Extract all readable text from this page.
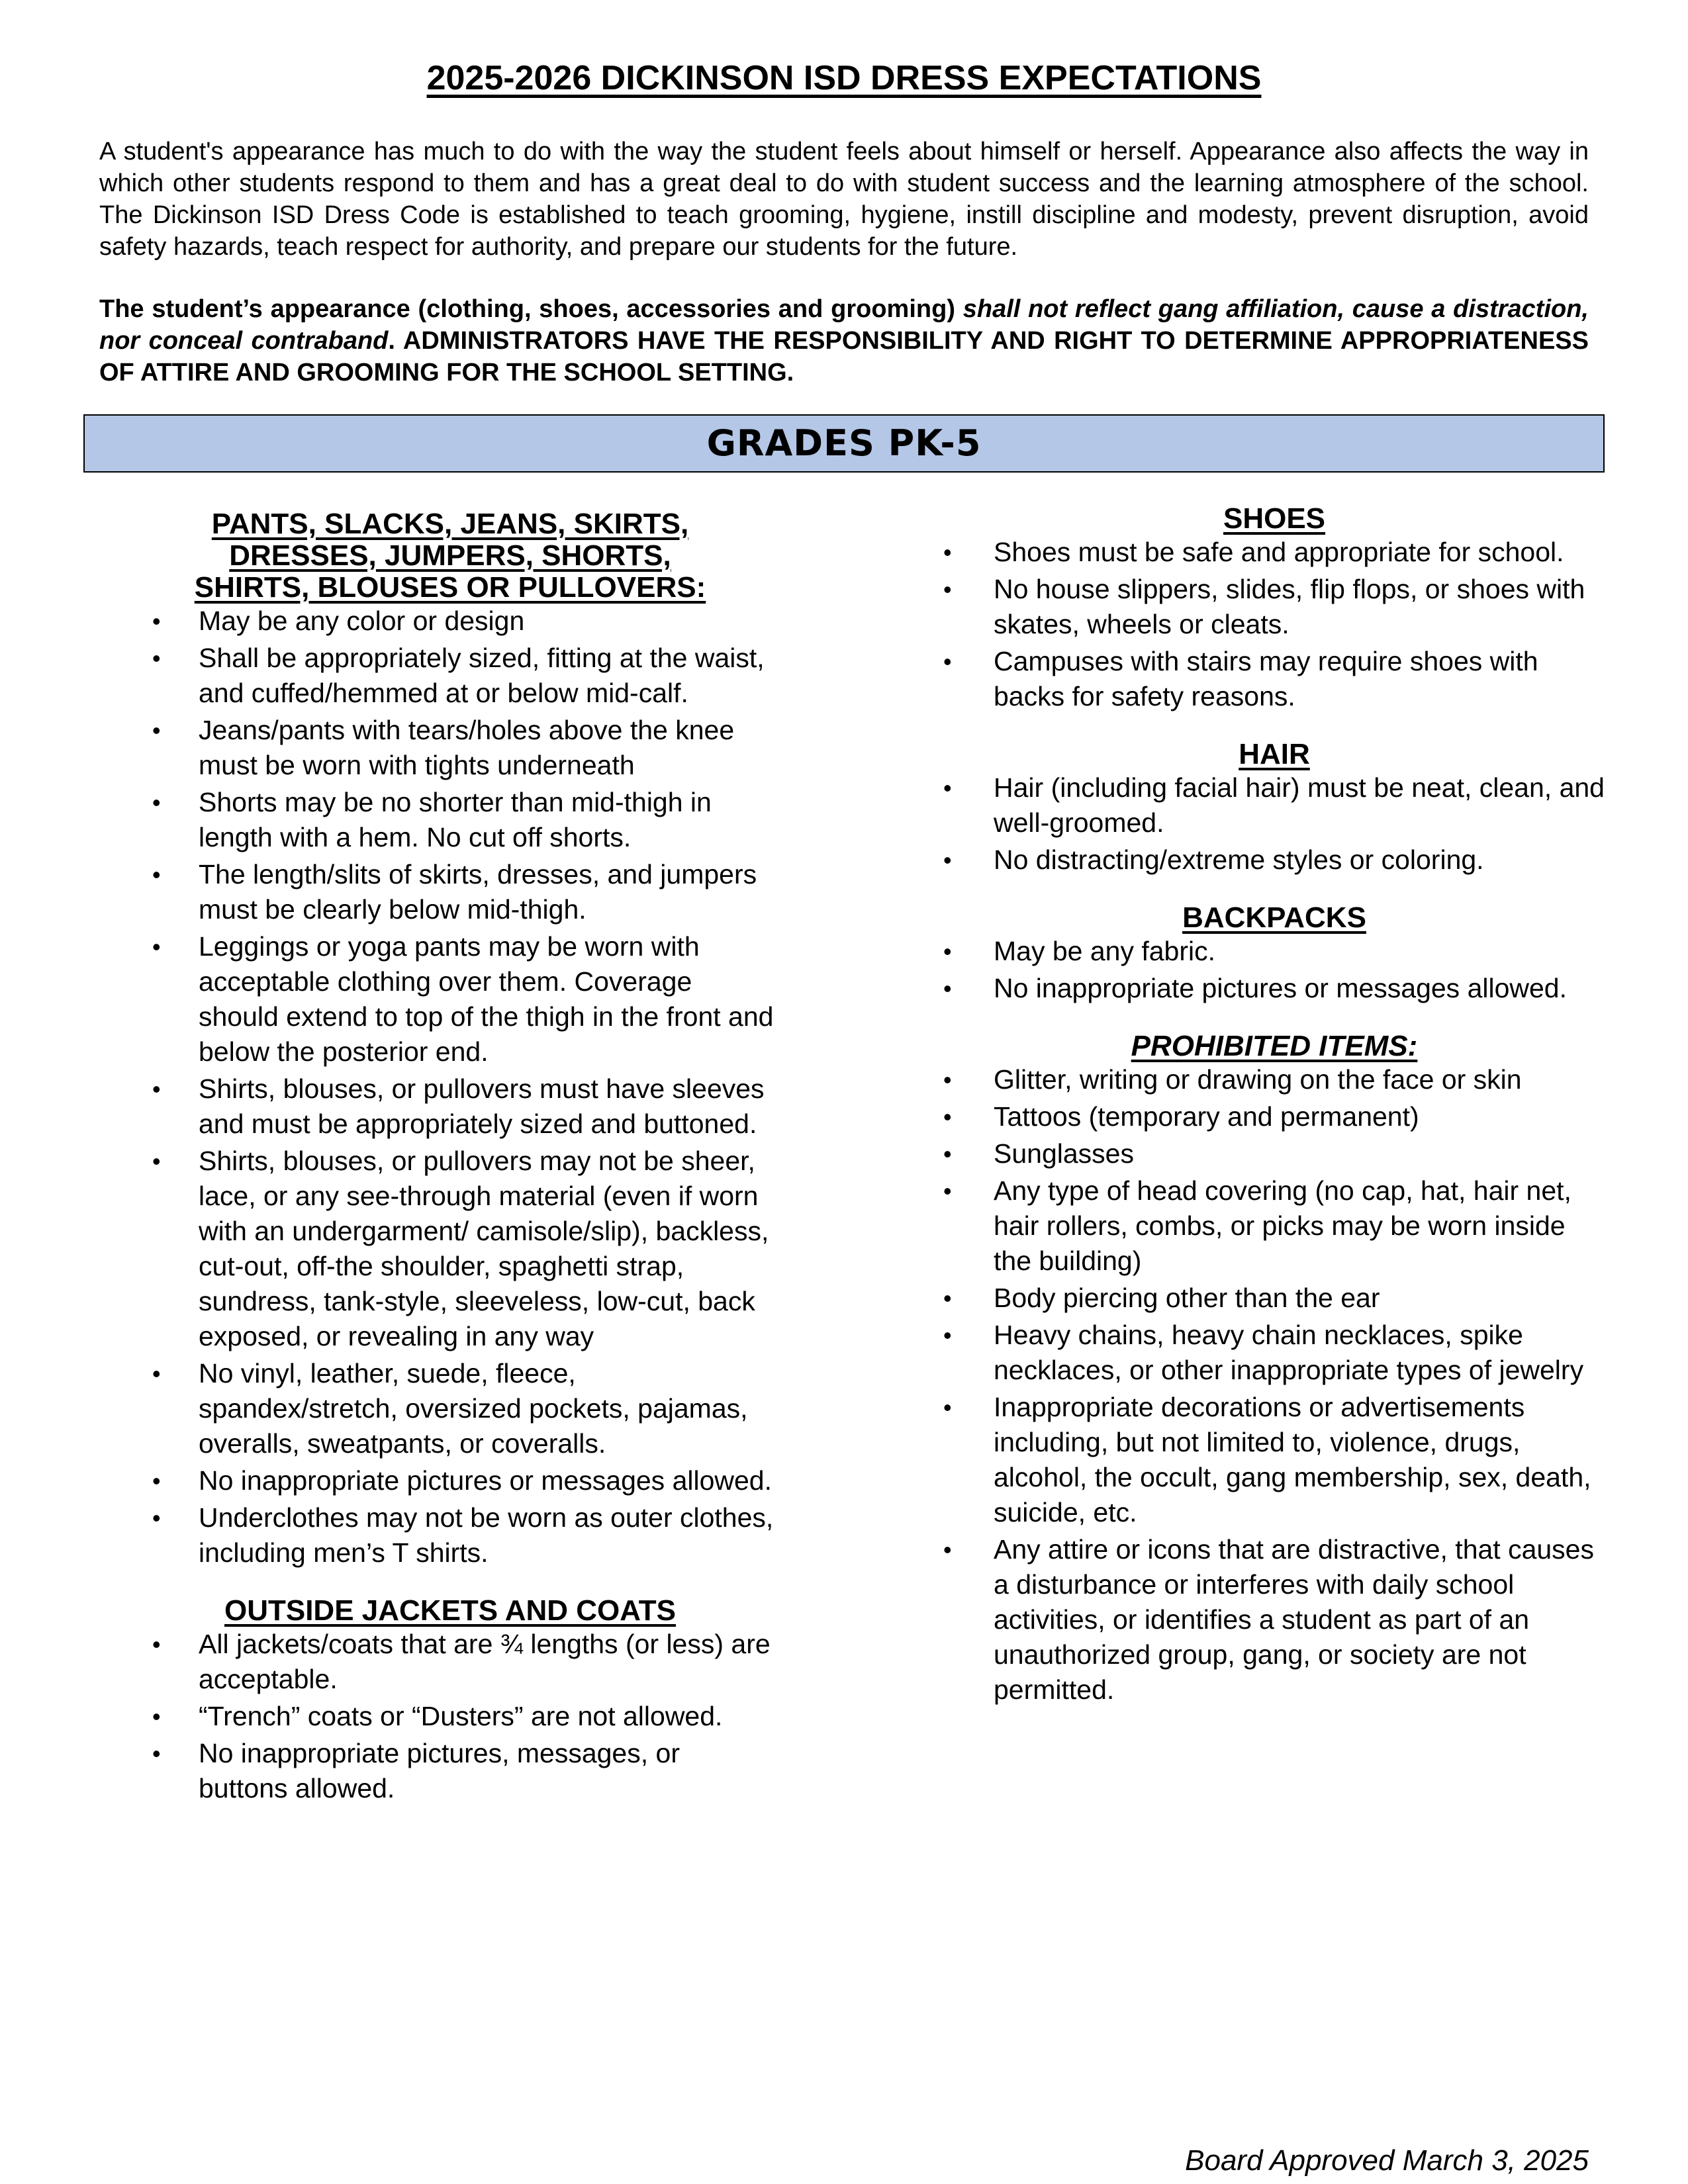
2025-2026 DICKINSON ISD DRESS EXPECTATIONS
A student's appearance has much to do with the way the student feels about himself or herself. Appearance also affects the way in which other students respond to them and has a great deal to do with student success and the learning atmosphere of the school. The Dickinson ISD Dress Code is established to teach grooming, hygiene, instill discipline and modesty, prevent disruption, avoid safety hazards, teach respect for authority, and prepare our students for the future.
The student’s appearance (clothing, shoes, accessories and grooming) shall not reflect gang affiliation, cause a distraction, nor conceal contraband. ADMINISTRATORS HAVE THE RESPONSIBILITY AND RIGHT TO DETERMINE APPROPRIATENESS OF ATTIRE AND GROOMING FOR THE SCHOOL SETTING.
GRADES PK-5
PANTS, SLACKS, JEANS, SKIRTS,
DRESSES, JUMPERS, SHORTS,
SHIRTS, BLOUSES OR PULLOVERS:
• May be any color or design
• Shall be appropriately sized, fitting at the waist, and cuffed/hemmed at or below mid-calf.
• Jeans/pants with tears/holes above the knee must be worn with tights underneath
• Shorts may be no shorter than mid-thigh in length with a hem. No cut off shorts.
• The length/slits of skirts, dresses, and jumpers must be clearly below mid-thigh.
• Leggings or yoga pants may be worn with acceptable clothing over them. Coverage should extend to top of the thigh in the front and below the posterior end.
• Shirts, blouses, or pullovers must have sleeves and must be appropriately sized and buttoned.
• Shirts, blouses, or pullovers may not be sheer, lace, or any see-through material (even if worn with an undergarment/ camisole/slip), backless, cut-out, off-the shoulder, spaghetti strap, sundress, tank-style, sleeveless, low-cut, back exposed, or revealing in any way
• No vinyl, leather, suede, fleece, spandex/stretch, oversized pockets, pajamas, overalls, sweatpants, or coveralls.
• No inappropriate pictures or messages allowed.
• Underclothes may not be worn as outer clothes, including men’s T shirts.
OUTSIDE JACKETS AND COATS
• All jackets/coats that are ¾ lengths (or less) are acceptable.
• “Trench” coats or “Dusters” are not allowed.
• No inappropriate pictures, messages, or buttons allowed.
SHOES
• Shoes must be safe and appropriate for school.
• No house slippers, slides, flip flops, or shoes with skates, wheels or cleats.
• Campuses with stairs may require shoes with backs for safety reasons.
HAIR
• Hair (including facial hair) must be neat, clean, and well-groomed.
• No distracting/extreme styles or coloring.
BACKPACKS
• May be any fabric.
• No inappropriate pictures or messages allowed.
PROHIBITED ITEMS:
• Glitter, writing or drawing on the face or skin
• Tattoos (temporary and permanent)
• Sunglasses
• Any type of head covering (no cap, hat, hair net, hair rollers, combs, or picks may be worn inside the building)
• Body piercing other than the ear
• Heavy chains, heavy chain necklaces, spike necklaces, or other inappropriate types of jewelry
• Inappropriate decorations or advertisements including, but not limited to, violence, drugs, alcohol, the occult, gang membership, sex, death, suicide, etc.
• Any attire or icons that are distractive, that causes a disturbance or interferes with daily school activities, or identifies a student as part of an unauthorized group, gang, or society are not permitted.
Board Approved March 3, 2025
